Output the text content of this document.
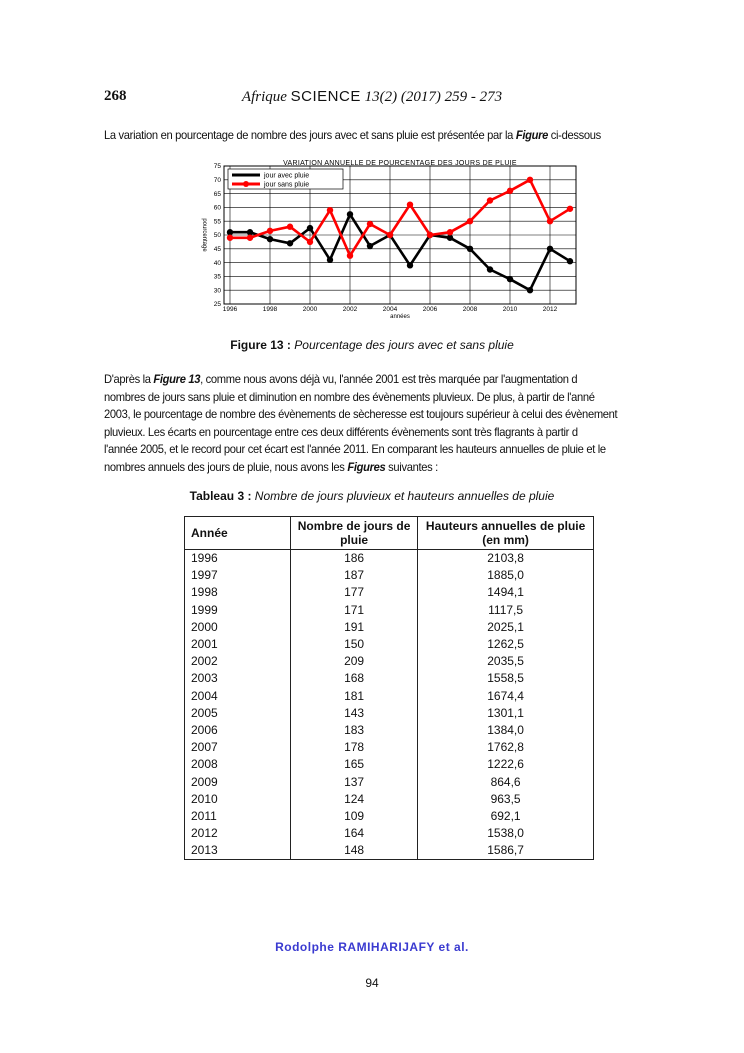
268	Afrique SCIENCE 13(2) (2017) 259 - 273
La variation en pourcentage de nombre des jours avec et sans pluie est présentée par la Figure ci-dessous
25
30
35
40
45
50
55
60
65
70
75
1996	1998	2000	2002	2004	2006	2008	2010	2012
VARIATION ANNUELLE DE POURCENTAGE DES JOURS DE PLUIE
années
pourcentage
jour avec pluie
jour sans pluie
Figure 13 : Pourcentage des jours avec et sans pluie
D'après la Figure 13, comme nous avons déjà vu, l'année 2001 est très marquée par l'augmentation d
nombres de jours sans pluie et diminution en nombre des évènements pluvieux. De plus, à partir de l'anné
2003, le pourcentage de nombre des évènements de sècheresse est toujours supérieur à celui des évènement
pluvieux. Les écarts en pourcentage entre ces deux différents évènements sont très flagrants à partir d
l'année 2005, et le record pour cet écart est l'année 2011. En comparant les hauteurs annuelles de pluie et le
nombres annuels des jours de pluie, nous avons les Figures suivantes :
Tableau 3 : Nombre de jours pluvieux et hauteurs annuelles de pluie
Année	Nombre de jours de pluie	Hauteurs annuelles de pluie (en mm)
1996	186	2103,8
1997	187	1885,0
1998	177	1494,1
1999	171	1117,5
2000	191	2025,1
2001	150	1262,5
2002	209	2035,5
2003	168	1558,5
2004	181	1674,4
2005	143	1301,1
2006	183	1384,0
2007	178	1762,8
2008	165	1222,6
2009	137	864,6
2010	124	963,5
2011	109	692,1
2012	164	1538,0
2013	148	1586,7
Rodolphe RAMIHARIJAFY et al.
94
